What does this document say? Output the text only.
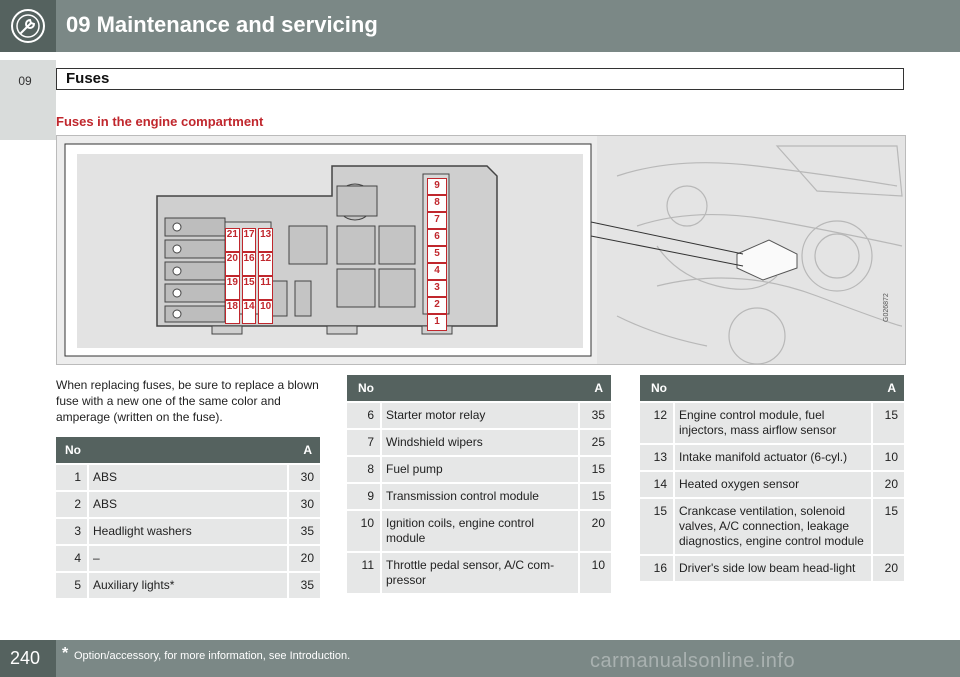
09 Maintenance and servicing
09	Fuses
Fuses in the engine compartment
21 17 13
20 16 12
19 15 11
18 14 10
9
8
7
6
5
4
3
2
1	G026872
When replacing fuses, be sure to replace a blown fuse with a new one of the same color and amperage (written on the fuse).
No		A
1	ABS	30
2	ABS	30
3	Headlight washers	35
4	–	20
5	Auxiliary lights*	35
No		A
6	Starter motor relay	35
7	Windshield wipers	25
8	Fuel pump	15
9	Transmission control module	15
10	Ignition coils, engine control module	20
11	Throttle pedal sensor, A/C com-pressor	10
No		A
12	Engine control module, fuel injectors, mass airflow sensor	15
13	Intake manifold actuator (6-cyl.)	10
14	Heated oxygen sensor	20
15	Crankcase ventilation, solenoid valves, A/C connection, leakage diagnostics, engine control module	15
16	Driver's side low beam head-light	20
240 * Option/accessory, for more information, see Introduction.	carmanualsonline.info
